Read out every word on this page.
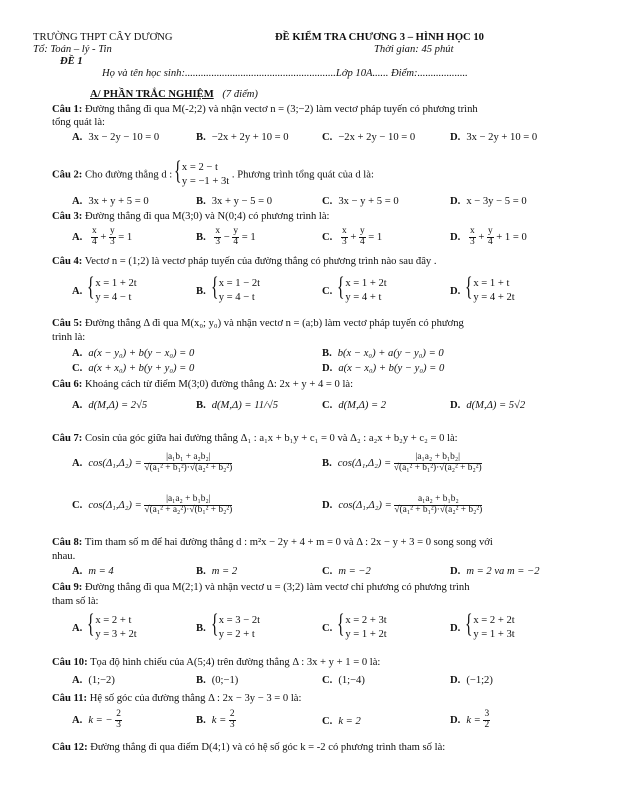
TRƯỜNG THPT CÂY DƯƠNG	ĐỀ KIỂM TRA CHƯƠNG 3 – HÌNH HỌC 10
Tổ: Toán – lý - Tin	Thời gian: 45 phút
ĐỀ 1
Họ và tên học sinh:.........................................................Lớp 10A...... Điểm:...................
A/ PHẦN TRẮC NGHIỆM (7 điểm)
Câu 1: Đường thẳng đi qua M(-2;2) và nhận vectơ n = (3;−2) làm vectơ pháp tuyến có phương trình
tổng quát là:
A. 3x − 2y − 10 = 0	B. −2x + 2y + 10 = 0	C. −2x + 2y − 10 = 0	D. 3x − 2y + 10 = 0
Câu 2: Cho đường thẳng d :
{ x = 2 − t
y = −1 + 3t
. Phương trình tổng quát của d là:
A. 3x + y + 5 = 0	B. 3x + y − 5 = 0	C. 3x − y + 5 = 0	D. x − 3y − 5 = 0
Câu 3: Đường thẳng đi qua M(3;0) và N(0;4) có phương trình là:
A. $\frac{x}{4} + \frac{y}{3} = 1$	B. $\frac{x}{3} - \frac{y}{4} = 1$	C. $\frac{x}{3} + \frac{y}{4} = 1$	D. $\frac{x}{3} + \frac{y}{4} + 1 = 0$
Câu 4: Vectơ n = (1;2) là vectơ pháp tuyến của đường thẳng có phương trình nào sau đây .
A.
{ x = 1 + 2t
y = 4 − t
B.
{ x = 1 − 2t
y = 4 − t
C.
{ x = 1 + 2t
y = 4 + t
D.
{ x = 1 + t
y = 4 + 2t
Câu 5: Đường thẳng Δ đi qua M(x₀; y₀) và nhận vectơ n = (a;b) làm vectơ pháp tuyến có phương
trình là:
A. a(x − y₀) + b(y − x₀) = 0	B. b(x − x₀) + a(y − y₀) = 0
C. a(x + x₀) + b(y + y₀) = 0	D. a(x − x₀) + b(y − y₀) = 0
Câu 6: Khoảng cách từ điểm M(3;0) đường thẳng Δ: 2x + y + 4 = 0 là:
A. d(M,Δ) = 2√5	B. d(M,Δ) = 11/√5	C. d(M,Δ) = 2	D. d(M,Δ) = 5√2
Câu 7: Cosin của góc giữa hai đường thẳng Δ₁ : a₁x + b₁y + c₁ = 0 và Δ₂ : a₂x + b₂y + c₂ = 0 là:
A. $\cos(\Delta_1,\Delta_2) = \frac{\text{|a₁b₁ + a₂b₂|}}{\text{√(a₁² + b₁²)·√(a₂² + b₂²)}}$	B. $\cos(\Delta_1,\Delta_2) = \frac{\text{|a₁a₂ + b₁b₂|}}{\text{√(a₁² + b₁²)·√(a₂² + b₂²)}}$
C. $\cos(\Delta_1,\Delta_2) = \frac{\text{|a₁a₂ + b₁b₂|}}{\text{√(a₁² + a₂²)·√(b₁² + b₂²)}}$	D. $\cos(\Delta_1,\Delta_2) = \frac{\text{a₁a₂ + b₁b₂}}{\text{√(a₁² + b₁²)·√(a₂² + b₂²)}}$
Câu 8: Tìm tham số m để hai đường thẳng d : m²x − 2y + 4 + m = 0 và Δ : 2x − y + 3 = 0 song song với
nhau.
A. m = 4	B. m = 2	C. m = −2	D. m = 2 va m = −2
Câu 9: Đường thẳng đi qua M(2;1) và nhận vectơ u = (3;2) làm vectơ chỉ phương có phương trình
tham số là:
A.
{ x = 2 + t
y = 3 + 2t
B.
{ x = 3 − 2t
y = 2 + t
C.
{ x = 2 + 3t
y = 1 + 2t
D.
{ x = 2 + 2t
y = 1 + 3t
Câu 10: Tọa độ hình chiếu của A(5;4) trên đường thẳng Δ : 3x + y + 1 = 0 là:
A. (1;−2)	B. (0;−1)	C. (1;−4)	D. (−1;2)
Câu 11: Hệ số góc của đường thẳng Δ : 2x − 3y − 3 = 0 là:
A. k = − $\frac{2}{3}$	B. $k = \frac{2}{3}$	C. k = 2	D. $k = \frac{3}{2}$
Câu 12: Đường thẳng đi qua điểm D(4;1) và có hệ số góc k = -2 có phương trình tham số là:
